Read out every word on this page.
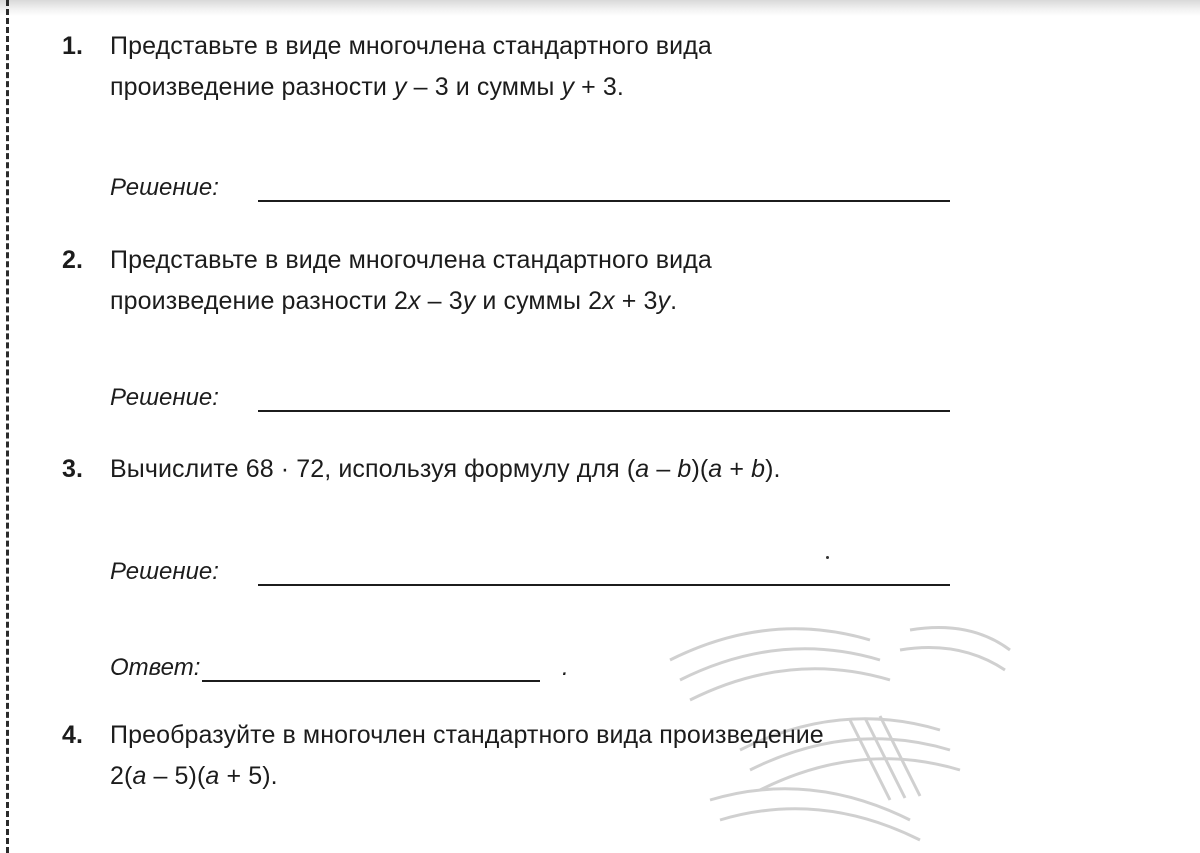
1. Представьте в виде многочлена стандартного вида
произведение разности y – 3 и суммы y + 3.
Решение:
2. Представьте в виде многочлена стандартного вида
произведение разности 2x – 3y и суммы 2x + 3y.
Решение:
3. Вычислите 68 · 72, используя формулу для (a – b)(a + b).
Решение:
Ответ:	.
4. Преобразуйте в многочлен стандартного вида произведение
2(a – 5)(a + 5).
